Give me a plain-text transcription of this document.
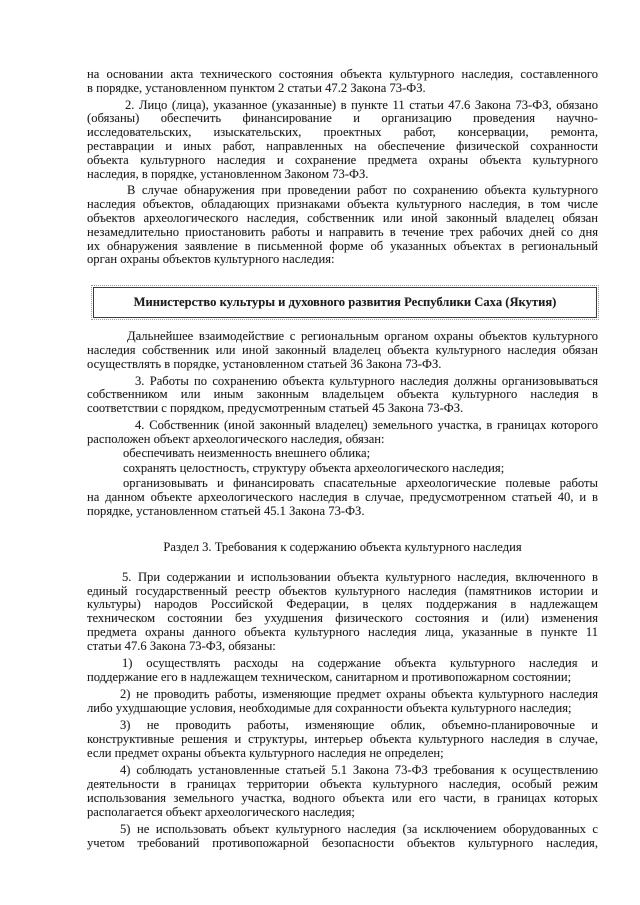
на основании акта технического состояния объекта культурного наследия, составленного
в порядке, установленном пунктом 2 статьи 47.2 Закона 73-ФЗ.
2. Лицо (лица), указанное (указанные) в пункте 11 статьи 47.6 Закона 73-ФЗ, обязано
(обязаны) обеспечить финансирование и организацию проведения научно-
исследовательских, изыскательских, проектных работ, консервации, ремонта,
реставрации и иных работ, направленных на обеспечение физической сохранности
объекта культурного наследия и сохранение предмета охраны объекта культурного
наследия, в порядке, установленном Законом 73-ФЗ.
В случае обнаружения при проведении работ по сохранению объекта культурного
наследия объектов, обладающих признаками объекта культурного наследия, в том числе
объектов археологического наследия, собственник или иной законный владелец обязан
незамедлительно приостановить работы и направить в течение трех рабочих дней со дня
их обнаружения заявление в письменной форме об указанных объектах в региональный
орган охраны объектов культурного наследия:
Министерство культуры и духовного развития Республики Саха (Якутия)
Дальнейшее взаимодействие с региональным органом охраны объектов культурного
наследия собственник или иной законный владелец объекта культурного наследия обязан
осуществлять в порядке, установленном статьей 36 Закона 73-ФЗ.
3. Работы по сохранению объекта культурного наследия должны организовываться
собственником или иным законным владельцем объекта культурного наследия в
соответствии с порядком, предусмотренным статьей 45 Закона 73-ФЗ.
4. Собственник (иной законный владелец) земельного участка, в границах которого
расположен объект археологического наследия, обязан:
обеспечивать неизменность внешнего облика;
сохранять целостность, структуру объекта археологического наследия;
организовывать и финансировать спасательные археологические полевые работы
на данном объекте археологического наследия в случае, предусмотренном статьей 40, и в
порядке, установленном статьей 45.1 Закона 73-ФЗ.
Раздел 3. Требования к содержанию объекта культурного наследия
5. При содержании и использовании объекта культурного наследия, включенного в
единый государственный реестр объектов культурного наследия (памятников истории и
культуры) народов Российской Федерации, в целях поддержания в надлежащем
техническом состоянии без ухудшения физического состояния и (или) изменения
предмета охраны данного объекта культурного наследия лица, указанные в пункте 11
статьи 47.6 Закона 73-ФЗ, обязаны:
1) осуществлять расходы на содержание объекта культурного наследия и
поддержание его в надлежащем техническом, санитарном и противопожарном состоянии;
2) не проводить работы, изменяющие предмет охраны объекта культурного наследия
либо ухудшающие условия, необходимые для сохранности объекта культурного наследия;
3) не проводить работы, изменяющие облик, объемно-планировочные и
конструктивные решения и структуры, интерьер объекта культурного наследия в случае,
если предмет охраны объекта культурного наследия не определен;
4) соблюдать установленные статьей 5.1 Закона 73-ФЗ требования к осуществлению
деятельности в границах территории объекта культурного наследия, особый режим
использования земельного участка, водного объекта или его части, в границах которых
располагается объект археологического наследия;
5) не использовать объект культурного наследия (за исключением оборудованных с
учетом требований противопожарной безопасности объектов культурного наследия,
